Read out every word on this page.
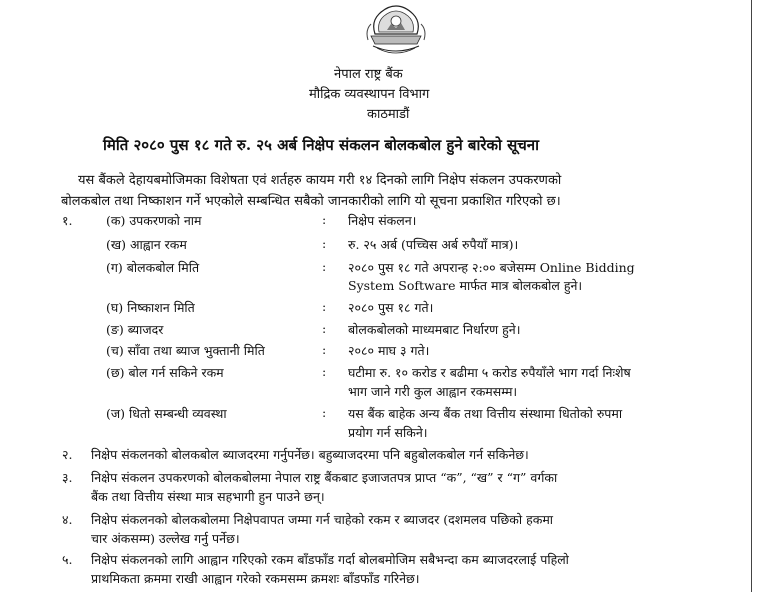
नेपाल राष्ट्र बैंक
मौद्रिक व्यवस्थापन विभाग
काठमाडौं
मिति २०८० पुस १८ गते रु. २५ अर्ब निक्षेप संकलन बोलकबोल हुने बारेको सूचना
यस बैंकले देहायबमोजिमका विशेषता एवं शर्तहरु कायम गरी १४ दिनको लागि निक्षेप संकलन उपकरणको
बोलकबोल तथा निष्काशन गर्ने भएकोले सम्बन्धित सबैको जानकारीको लागि यो सूचना प्रकाशित गरिएको छ।
१.	(क) उपकरणको नाम	: निक्षेप संकलन।
(ख) आह्वान रकम	: रु. २५ अर्ब (पच्चिस अर्ब रुपैयाँ मात्र)।
(ग) बोलकबोल मिति	: २०८० पुस १८ गते अपरान्ह २:०० बजेसम्म Online Bidding
System Software मार्फत मात्र बोलकबोल हुने।
(घ) निष्काशन मिति	: २०८० पुस १८ गते।
(ङ) ब्याजदर	: बोलकबोलको माध्यमबाट निर्धारण हुने।
(च) साँवा तथा ब्याज भुक्तानी मिति	: २०८० माघ ३ गते।
(छ) बोल गर्न सकिने रकम	: घटीमा रु. १० करोड र बढीमा ५ करोड रुपैयाँले भाग गर्दा निःशेष
भाग जाने गरी कुल आह्वान रकमसम्म।
(ज) धितो सम्बन्धी व्यवस्था	: यस बैंक बाहेक अन्य बैंक तथा वित्तीय संस्थामा धितोको रुपमा
प्रयोग गर्न सकिने।
२. निक्षेप संकलनको बोलकबोल ब्याजदरमा गर्नुपर्नेछ। बहुब्याजदरमा पनि बहुबोलकबोल गर्न सकिनेछ।
३. निक्षेप संकलन उपकरणको बोलकबोलमा नेपाल राष्ट्र बैंकबाट इजाजतपत्र प्राप्त “क”, “ख” र “ग” वर्गका
बैंक तथा वित्तीय संस्था मात्र सहभागी हुन पाउने छन्।
४. निक्षेप संकलनको बोलकबोलमा निक्षेपवापत जम्मा गर्न चाहेको रकम र ब्याजदर (दशमलव पछिको हकमा
चार अंकसम्म) उल्लेख गर्नु पर्नेछ।
५. निक्षेप संकलनको लागि आह्वान गरिएको रकम बाँडफाँड गर्दा बोलबमोजिम सबैभन्दा कम ब्याजदरलाई पहिलो
प्राथमिकता क्रममा राखी आह्वान गरेको रकमसम्म क्रमशः बाँडफाँड गरिनेछ।
